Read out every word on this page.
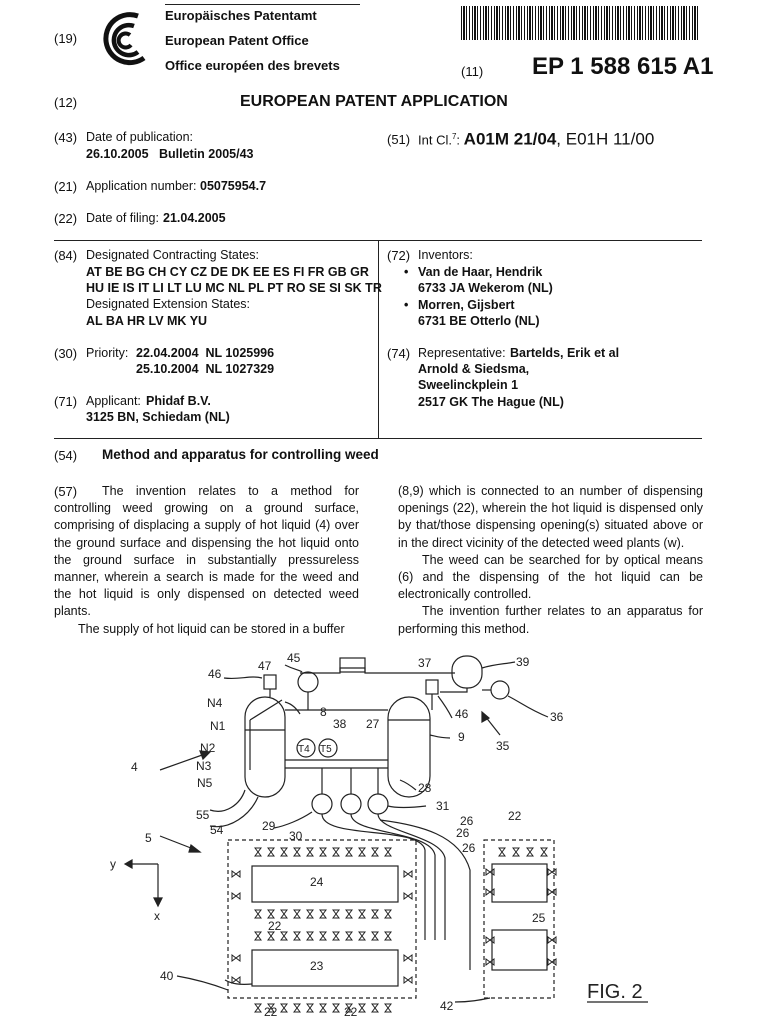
(19)
Europäisches Patentamt
European Patent Office
Office européen des brevets	(11) EP 1 588 615 A1
(12)	EUROPEAN PATENT APPLICATION
(43) Date of publication:
26.10.2005   Bulletin 2005/43
(51) Int Cl.$^7$: A01M 21/04, E01H 11/00
(21) Application number: 05075954.7
(22) Date of filing: 21.04.2005
(84) Designated Contracting States:
AT BE BG CH CY CZ DE DK EE ES FI FR GB GR
HU IE IS IT LI LT LU MC NL PL PT RO SE SI SK TR
Designated Extension States:
AL BA HR LV MK YU
(30) Priority: 22.04.2004  NL 1025996
25.10.2004  NL 1027329
(71) Applicant: Phidaf B.V.
3125 BN, Schiedam (NL)
(72) Inventors:
• Van de Haar, Hendrik
6733 JA Wekerom (NL)
• Morren, Gijsbert
6731 BE Otterlo (NL)
(74) Representative: Bartelds, Erik et al
Arnold & Siedsma,
Sweelinckplein 1
2517 GK The Hague (NL)
(54) Method and apparatus for controlling weed
(57)	The invention relates to a method for controlling weed growing on a ground surface, comprising of displacing a supply of hot liquid (4) over the ground surface and dispensing the hot liquid onto the ground surface in substantially pressureless manner, wherein a search is made for the weed and the hot liquid is only dispensed on detected weed plants.

The supply of hot liquid can be stored in a buffer

(8,9) which is connected to an number of dispensing openings (22), wherein the hot liquid is dispensed only by that/those dispensing opening(s) situated above or in the direct vicinity of the detected weed plants (w).

The weed can be searched for by optical means (6) and the dispensing of the hot liquid can be electronically controlled.

The invention further relates to an apparatus for performing this method.

46
47
45	37	39
N4
N1
N2
N3
N5
8
38 27
46	36
35
9
4
28
55
54
31
29
30
26
26
26
22
5
y
x
24
22
25
23
40
22	22	42
T4 T5
FIG. 2
